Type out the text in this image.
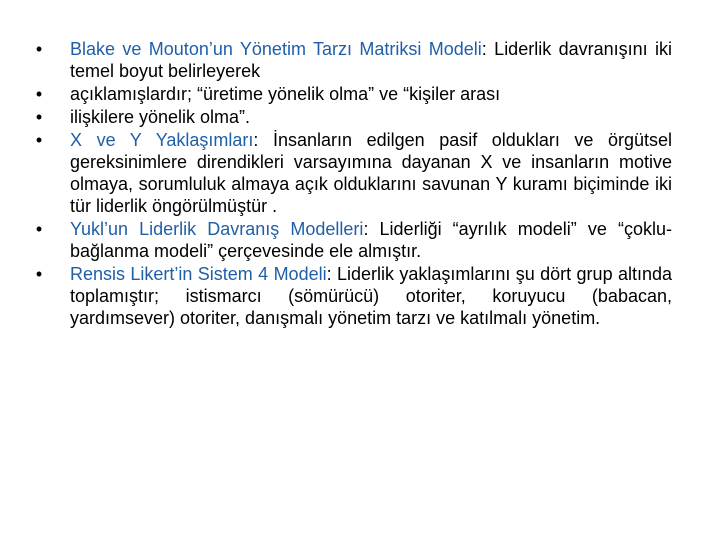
•	Blake ve Mouton’un Yönetim Tarzı Matriksi Modeli: Liderlik davranışını iki temel boyut belirleyerek
•	açıklamışlardır; “üretime yönelik olma” ve “kişiler arası
•	ilişkilere yönelik olma”.
•	X ve Y Yaklaşımları: İnsanların edilgen pasif oldukları ve örgütsel gereksinimlere direndikleri varsayımına dayanan X ve insanların motive olmaya, sorumluluk almaya açık olduklarını savunan Y kuramı biçiminde iki tür liderlik öngörülmüştür .
•	Yukl’un Liderlik Davranış Modelleri: Liderliği “ayrılık modeli” ve “çoklu-bağlanma modeli” çerçevesinde ele almıştır.
•	Rensis Likert’in Sistem 4 Modeli: Liderlik yaklaşımlarını şu dört grup altında toplamıştır; istismarcı (sömürücü) otoriter, koruyucu (babacan, yardımsever) otoriter, danışmalı yönetim tarzı ve katılmalı yönetim.
